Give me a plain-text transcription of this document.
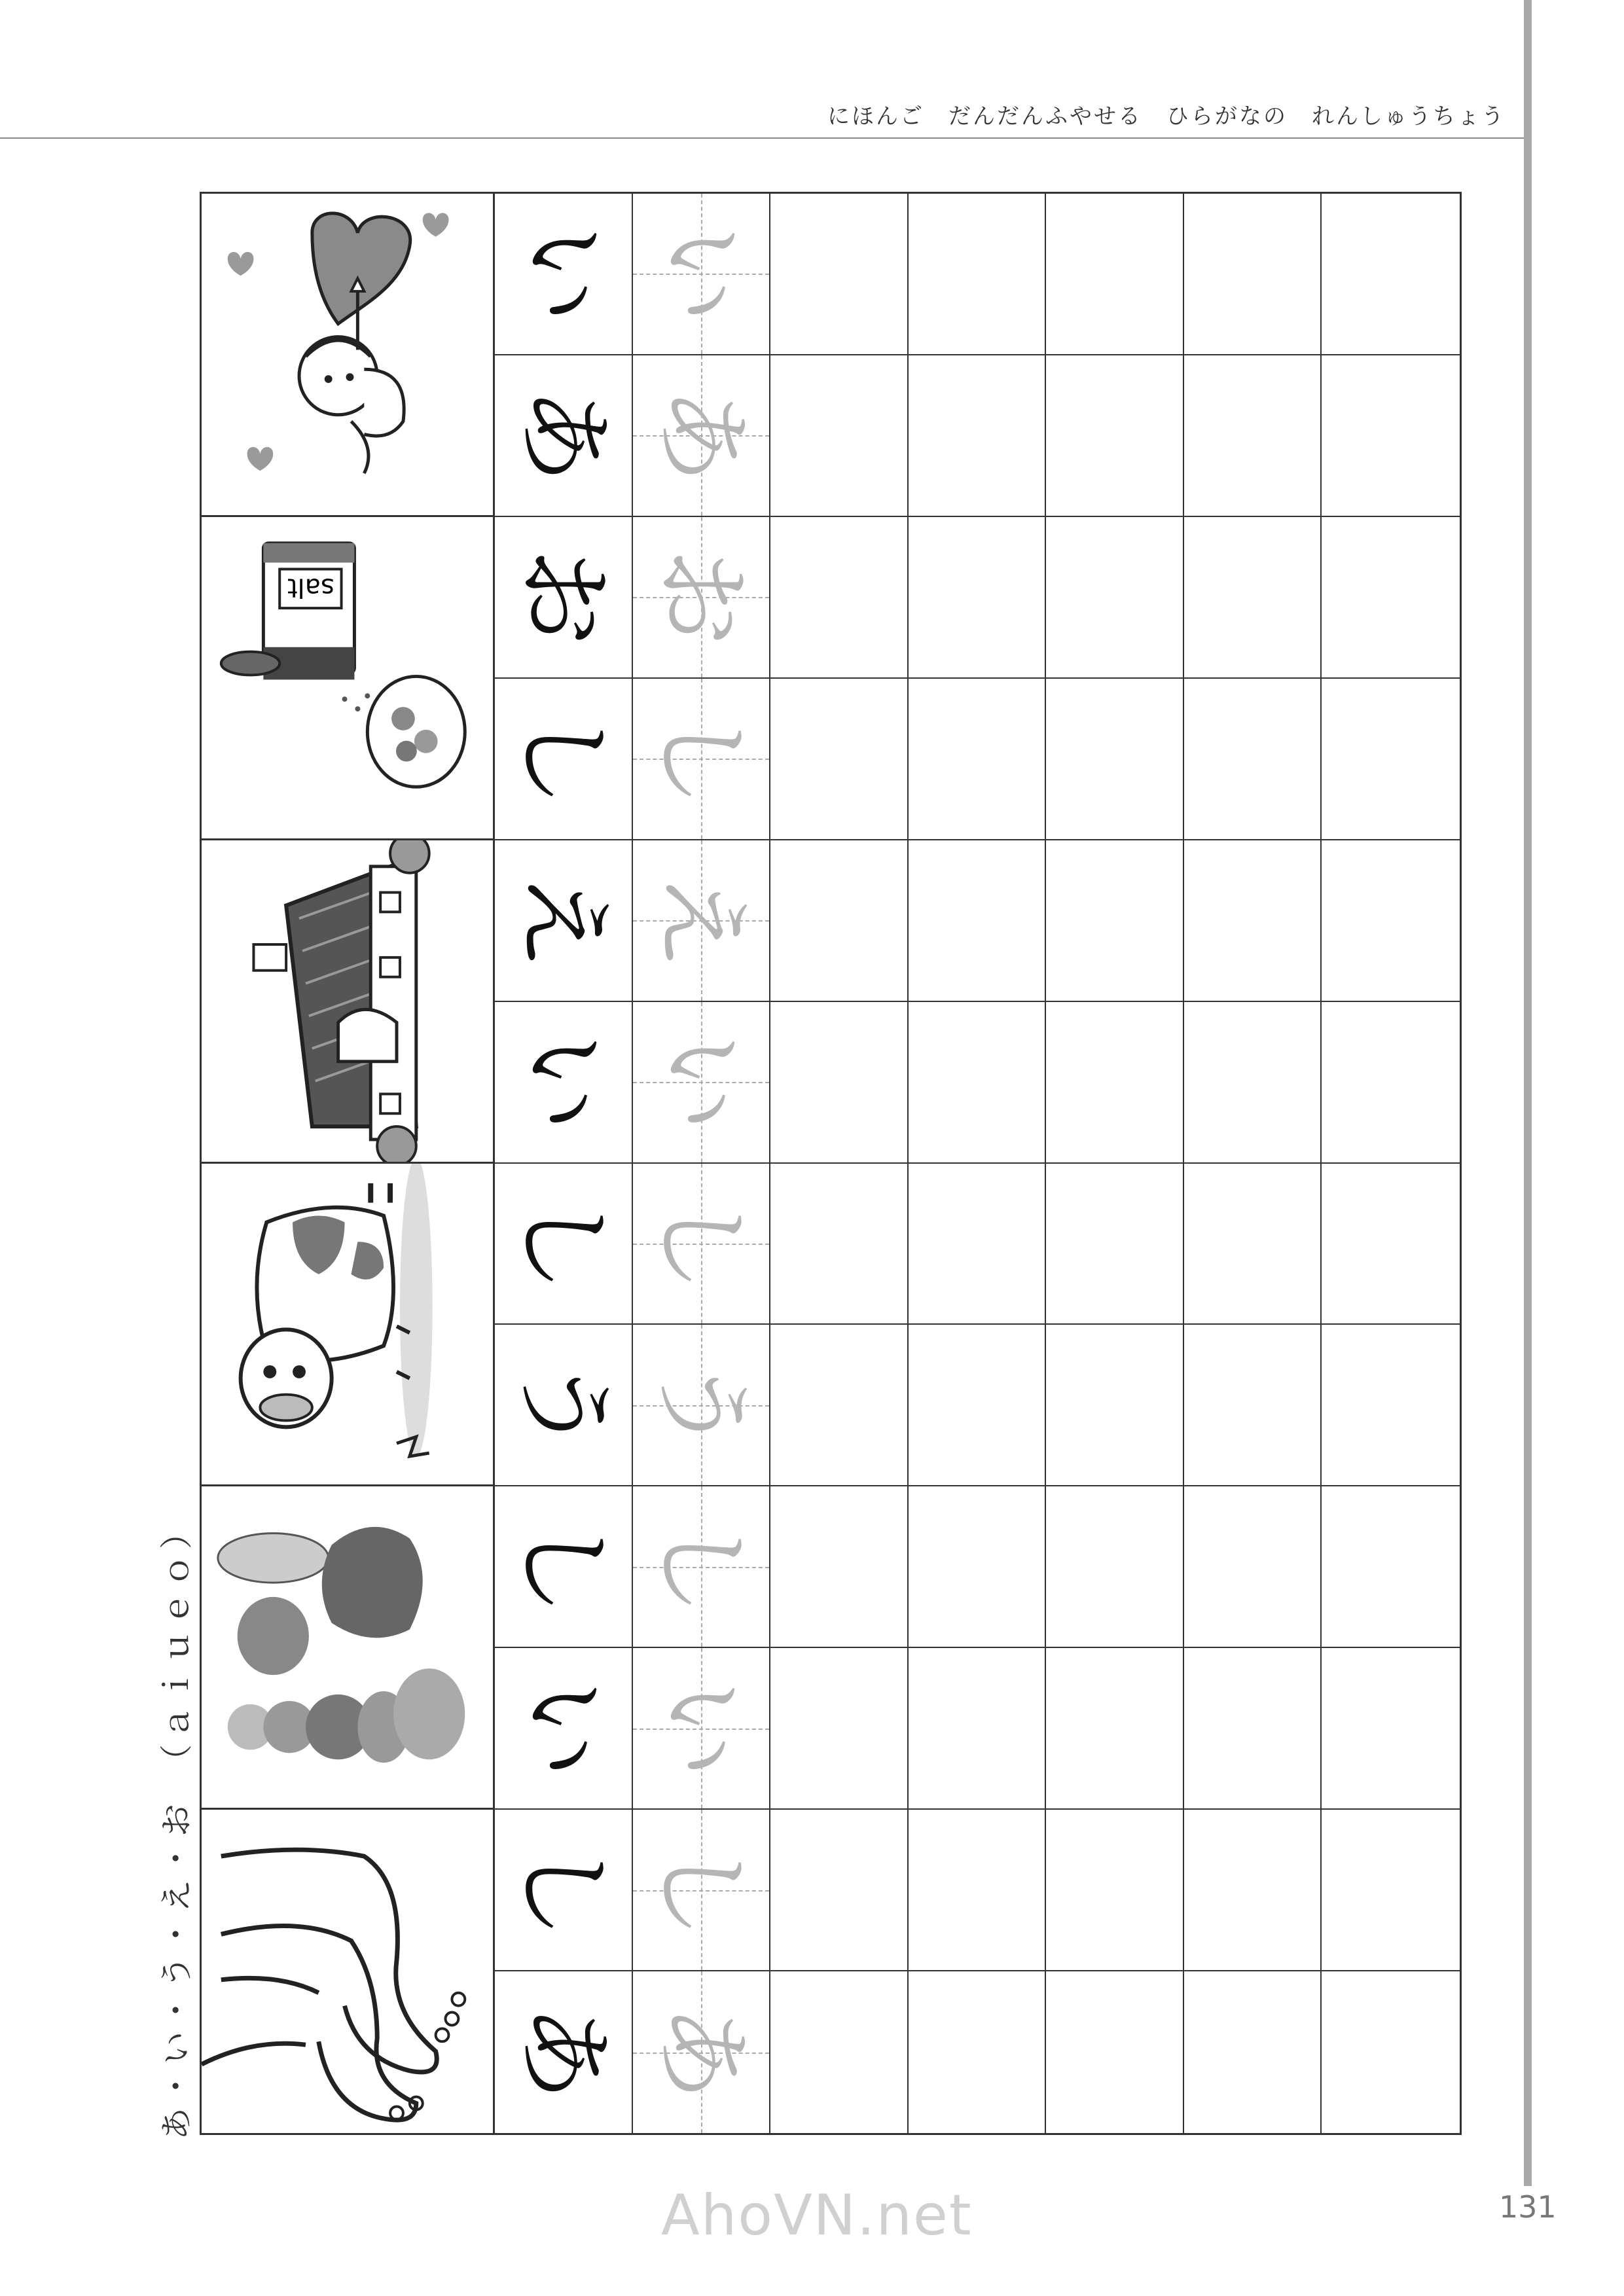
にほんご　だんだんふやせる　ひらがなの　れんしゅうちょう
あ・い・う・え・お　（ａｉｕｅｏ）
い い
あ あ
salt お お
し し
え え
い い
し し
う う
し し
い い
し し
あ あ
AhoVN.net	131
